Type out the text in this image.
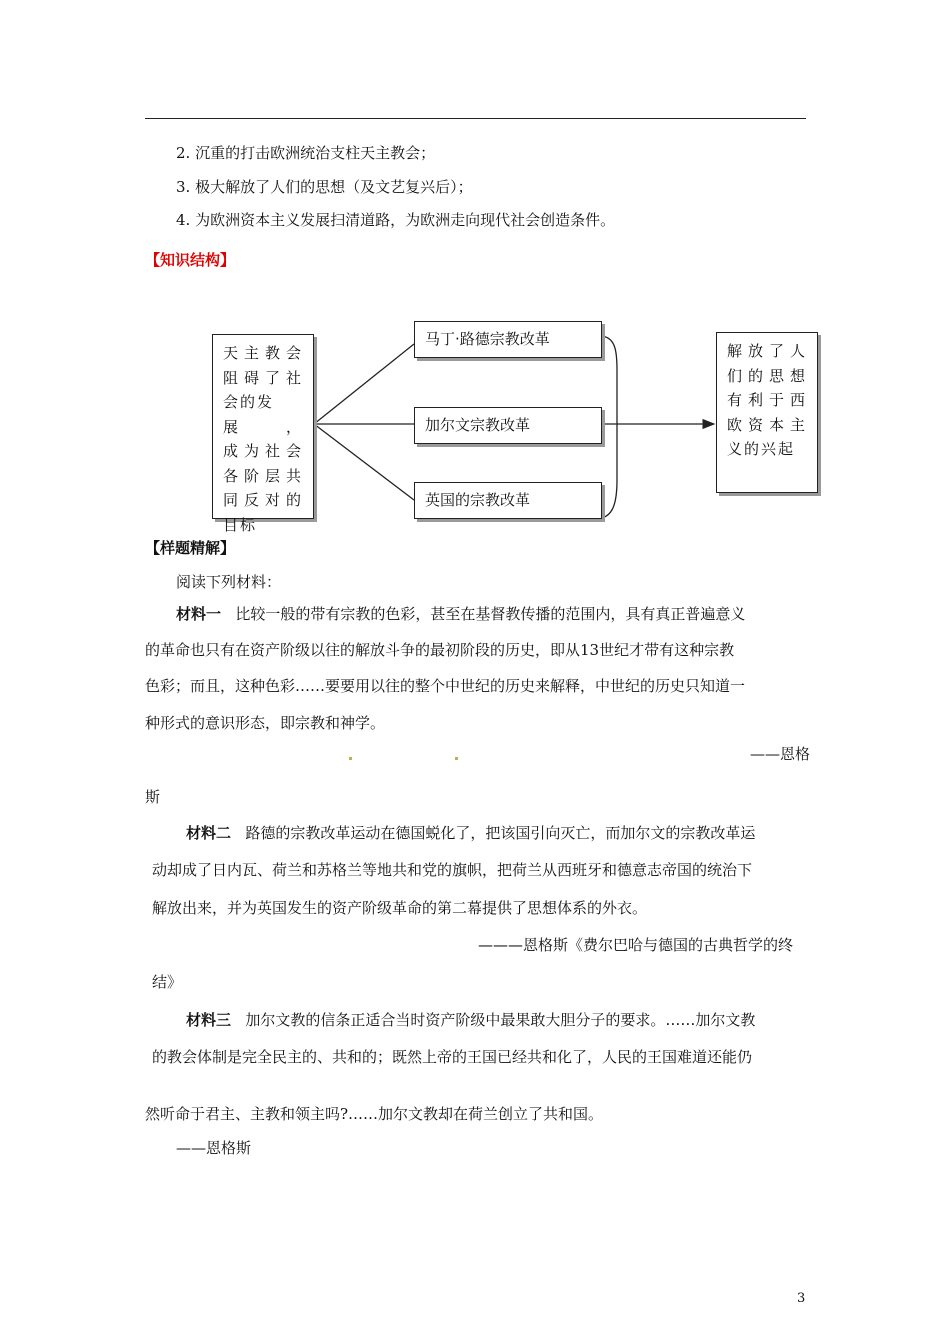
2. 沉重的打击欧洲统治支柱天主教会；
3. 极大解放了人们的思想（及文艺复兴后）；
4. 为欧洲资本主义发展扫清道路，为欧洲走向现代社会创造条件。
【知识结构】
天主教会
阻碍了社
会的发展，
成为社会
各阶层共
同反对的
目标
马丁·路德宗教改革
加尔文宗教改革
英国的宗教改革
解放了人
们的思想
有利于西
欧资本主
义的兴起
【样题精解】
阅读下列材料：
材料一 比较一般的带有宗教的色彩，甚至在基督教传播的范围内，具有真正普遍意义
的革命也只有在资产阶级以往的解放斗争的最初阶段的历史，即从13世纪才带有这种宗教
色彩；而且，这种色彩……要要用以往的整个中世纪的历史来解释，中世纪的历史只知道一
种形式的意识形态，即宗教和神学。
——恩格
斯
材料二 路德的宗教改革运动在德国蜕化了，把该国引向灭亡，而加尔文的宗教改革运
动却成了日内瓦、荷兰和苏格兰等地共和党的旗帜，把荷兰从西班牙和德意志帝国的统治下
解放出来，并为英国发生的资产阶级革命的第二幕提供了思想体系的外衣。
———恩格斯《费尔巴哈与德国的古典哲学的终
结》
材料三 加尔文教的信条正适合当时资产阶级中最果敢大胆分子的要求。……加尔文教
的教会体制是完全民主的、共和的；既然上帝的王国已经共和化了，人民的王国难道还能仍
然听命于君主、主教和领主吗?……加尔文教却在荷兰创立了共和国。
——恩格斯
3
